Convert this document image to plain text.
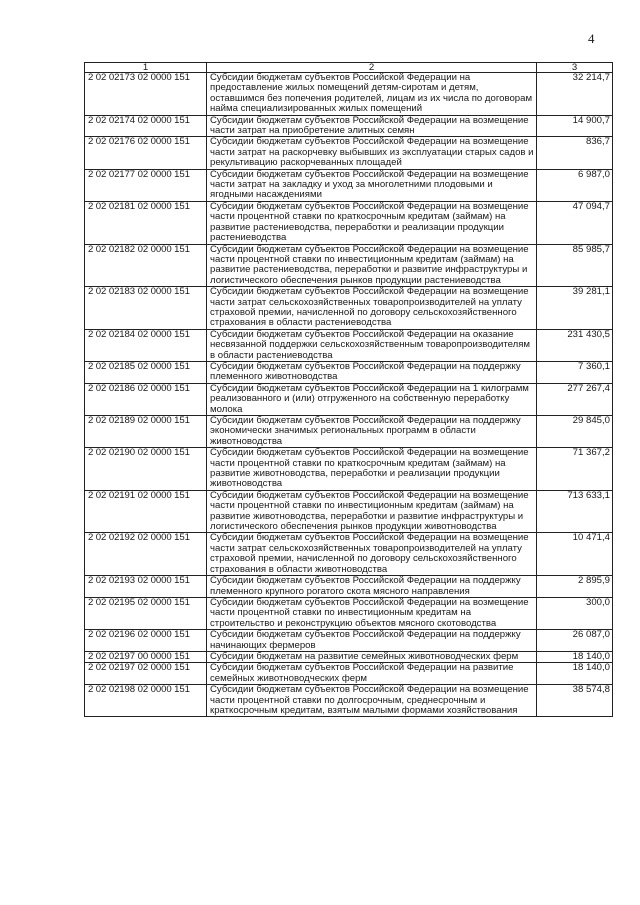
4
1	2	3
2 02 02173 02 0000 151	Субсидии бюджетам субъектов Российской Федерации на предоставление жилых помещений детям-сиротам и детям, оставшимся без попечения родителей, лицам из их числа по договорам найма специализированных жилых помещений	32 214,7
2 02 02174 02 0000 151	Субсидии бюджетам субъектов Российской Федерации на возмещение части затрат на приобретение элитных семян	14 900,7
2 02 02176 02 0000 151	Субсидии бюджетам субъектов Российской Федерации на возмещение части затрат на раскорчевку выбывших из эксплуатации старых садов и рекультивацию раскорчеванных площадей	836,7
2 02 02177 02 0000 151	Субсидии бюджетам субъектов Российской Федерации на возмещение части затрат на закладку и уход за многолетними плодовыми и ягодными насаждениями	6 987,0
2 02 02181 02 0000 151	Субсидии бюджетам субъектов Российской Федерации на возмещение части процентной ставки по краткосрочным кредитам (займам) на развитие растениеводства, переработки и реализации продукции растениеводства	47 094,7
2 02 02182 02 0000 151	Субсидии бюджетам субъектов Российской Федерации на возмещение части процентной ставки по инвестиционным кредитам (займам) на развитие растениеводства, переработки и развитие инфраструктуры и логистического обеспечения рынков продукции растениеводства	85 985,7
2 02 02183 02 0000 151	Субсидии бюджетам субъектов Российской Федерации на возмещение части затрат сельскохозяйственных товаропроизводителей на уплату страховой премии, начисленной по договору сельскохозяйственного страхования в области растениеводства	39 281,1
2 02 02184 02 0000 151	Субсидии бюджетам субъектов Российской Федерации на оказание несвязанной поддержки сельскохозяйственным товаропроизводителям в области растениеводства	231 430,5
2 02 02185 02 0000 151	Субсидии бюджетам субъектов Российской Федерации на поддержку племенного животноводства	7 360,1
2 02 02186 02 0000 151	Субсидии бюджетам субъектов Российской Федерации на 1 килограмм реализованного и (или) отгруженного на собственную переработку молока	277 267,4
2 02 02189 02 0000 151	Субсидии бюджетам субъектов Российской Федерации на поддержку экономически значимых региональных программ в области животноводства	29 845,0
2 02 02190 02 0000 151	Субсидии бюджетам субъектов Российской Федерации на возмещение части процентной ставки по краткосрочным кредитам (займам) на развитие животноводства, переработки и реализации продукции животноводства	71 367,2
2 02 02191 02 0000 151	Субсидии бюджетам субъектов Российской Федерации на возмещение части процентной ставки по инвестиционным кредитам (займам) на развитие животноводства, переработки и развитие инфраструктуры и логистического обеспечения рынков продукции животноводства	713 633,1
2 02 02192 02 0000 151	Субсидии бюджетам субъектов Российской Федерации на возмещение части затрат сельскохозяйственных товаропроизводителей на уплату страховой премии, начисленной по договору сельскохозяйственного страхования в области животноводства	10 471,4
2 02 02193 02 0000 151	Субсидии бюджетам субъектов Российской Федерации на поддержку племенного крупного рогатого скота мясного направления	2 895,9
2 02 02195 02 0000 151	Субсидии бюджетам субъектов Российской Федерации на возмещение части процентной ставки по инвестиционным кредитам на строительство и реконструкцию объектов мясного скотоводства	300,0
2 02 02196 02 0000 151	Субсидии бюджетам субъектов Российской Федерации на поддержку начинающих фермеров	26 087,0
2 02 02197 00 0000 151	Субсидии бюджетам на развитие семейных животноводческих ферм	18 140,0
2 02 02197 02 0000 151	Субсидии бюджетам субъектов Российской Федерации на развитие семейных животноводческих ферм	18 140,0
2 02 02198 02 0000 151	Субсидии бюджетам субъектов Российской Федерации на возмещение части процентной ставки по долгосрочным, среднесрочным и краткосрочным кредитам, взятым малыми формами хозяйствования	38 574,8
